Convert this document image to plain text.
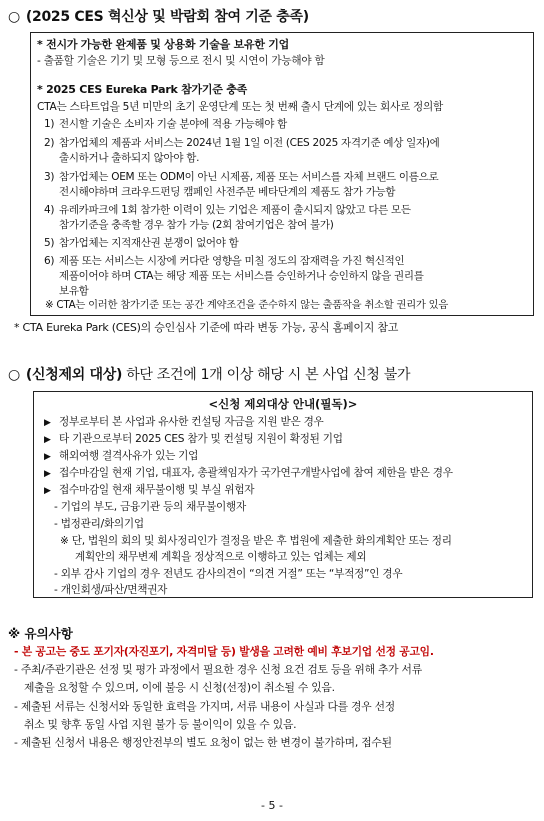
○ (2025 CES 혁신상 및 박람회 참여 기준 충족)
* 전시가 가능한 완제품 및 상용화 기술을 보유한 기업
- 출품할 기술은 기기 및 모형 등으로 전시 및 시연이 가능해야 함
* 2025 CES Eureka Park 참가기준 충족
CTA는 스타트업을 5년 미만의 초기 운영단계 또는 첫 번째 출시 단계에 있는 회사로 정의함
1) 전시할 기술은 소비자 기술 분야에 적용 가능해야 함
2) 참가업체의 제품과 서비스는 2024년 1월 1일 이전 (CES 2025 자격기준 예상 일자)에
출시하거나 출하되지 않아야 함.
3) 참가업체는 OEM 또는 ODM이 아닌 시제품, 제품 또는 서비스를 자체 브랜드 이름으로
전시해야하며 크라우드펀딩 캠페인 사전주문 베타단계의 제품도 참가 가능함
4) 유레카파크에 1회 참가한 이력이 있는 기업은 제품이 출시되지 않았고 다른 모든
참가기준을 충족할 경우 참가 가능 (2회 참여기업은 참여 불가)
5) 참가업체는 지적재산권 분쟁이 없어야 함
6) 제품 또는 서비스는 시장에 커다란 영향을 미칠 정도의 잠재력을 가진 혁신적인
제품이어야 하며 CTA는 해당 제품 또는 서비스를 승인하거나 승인하지 않을 권리를
보유함
※ CTA는 이러한 참가기준 또는 공간 계약조건을 준수하지 않는 출품작을 취소할 권리가 있음
* CTA Eureka Park (CES)의 승인심사 기준에 따라 변동 가능, 공식 홈페이지 참고
○ (신청제외 대상) 하단 조건에 1개 이상 해당 시 본 사업 신청 불가
<신청 제외대상 안내(필독)>
▶ 정부로부터 본 사업과 유사한 컨설팅 자금을 지원 받은 경우
▶ 타 기관으로부터 2025 CES 참가 및 컨설팅 지원이 확정된 기업
▶ 해외여행 결격사유가 있는 기업
▶ 접수마감일 현재 기업, 대표자, 총괄책임자가 국가연구개발사업에 참여 제한을 받은 경우
▶ 접수마감일 현재 채무불이행 및 부실 위험자
- 기업의 부도, 금융기관 등의 채무불이행자
- 법정관리/화의기업
※ 단, 법원의 회의 및 회사정리인가 결정을 받은 후 법원에 제출한 화의계획안 또는 정리
계획안의 채무변제 계획을 정상적으로 이행하고 있는 업체는 제외
- 외부 감사 기업의 경우 전년도 감사의견이 “의견 거절” 또는 “부적정”인 경우
- 개인회생/파산/면책권자
※ 유의사항
- 본 공고는 중도 포기자(자진포기, 자격미달 등) 발생을 고려한 예비 후보기업 선정 공고임.
- 주최/주관기관은 선정 및 평가 과정에서 필요한 경우 신청 요건 검토 등을 위해 추가 서류
제출을 요청할 수 있으며, 이에 불응 시 신청(선정)이 취소될 수 있음.
- 제출된 서류는 신청서와 동일한 효력을 가지며, 서류 내용이 사실과 다를 경우 선정
취소 및 향후 동일 사업 지원 불가 등 불이익이 있을 수 있음.
- 제출된 신청서 내용은 행정안전부의 별도 요청이 없는 한 변경이 불가하며, 접수된
- 5 -
